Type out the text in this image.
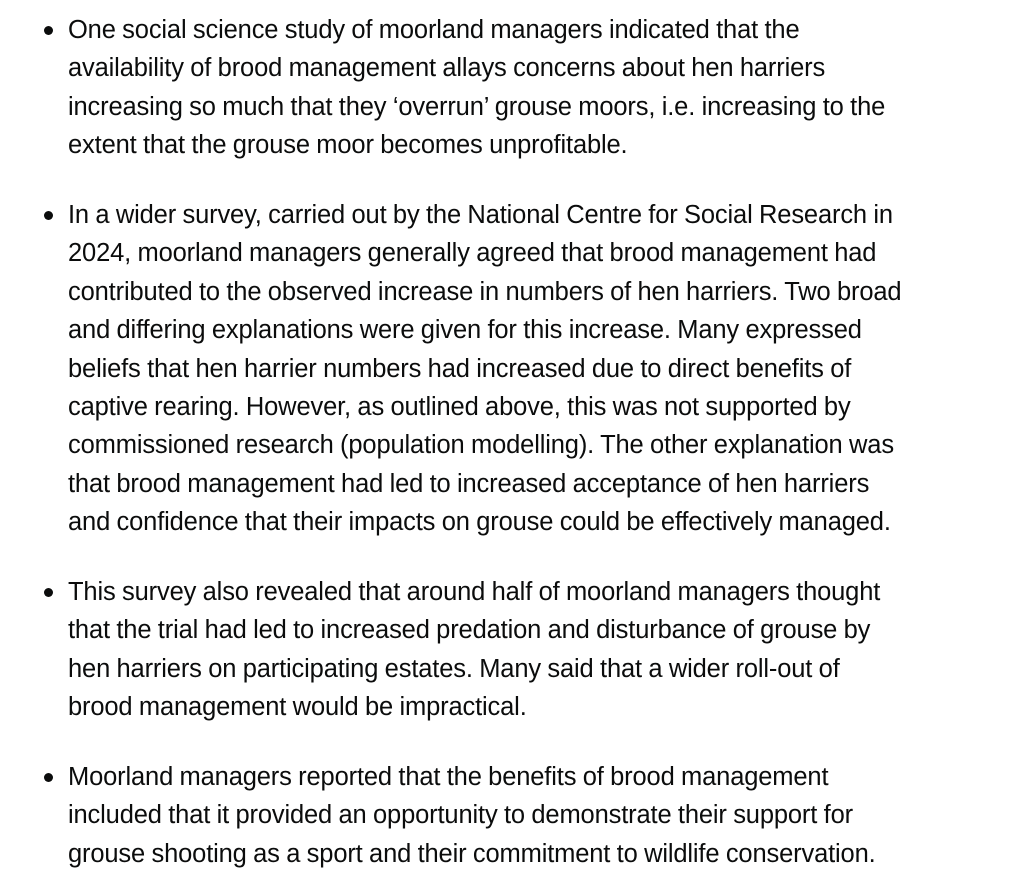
One social science study of moorland managers indicated that the
availability of brood management allays concerns about hen harriers
increasing so much that they ‘overrun’ grouse moors, i.e. increasing to the
extent that the grouse moor becomes unprofitable.
In a wider survey, carried out by the National Centre for Social Research in
2024, moorland managers generally agreed that brood management had
contributed to the observed increase in numbers of hen harriers. Two broad
and differing explanations were given for this increase. Many expressed
beliefs that hen harrier numbers had increased due to direct benefits of
captive rearing. However, as outlined above, this was not supported by
commissioned research (population modelling). The other explanation was
that brood management had led to increased acceptance of hen harriers
and confidence that their impacts on grouse could be effectively managed.
This survey also revealed that around half of moorland managers thought
that the trial had led to increased predation and disturbance of grouse by
hen harriers on participating estates. Many said that a wider roll-out of
brood management would be impractical.
Moorland managers reported that the benefits of brood management
included that it provided an opportunity to demonstrate their support for
grouse shooting as a sport and their commitment to wildlife conservation.
